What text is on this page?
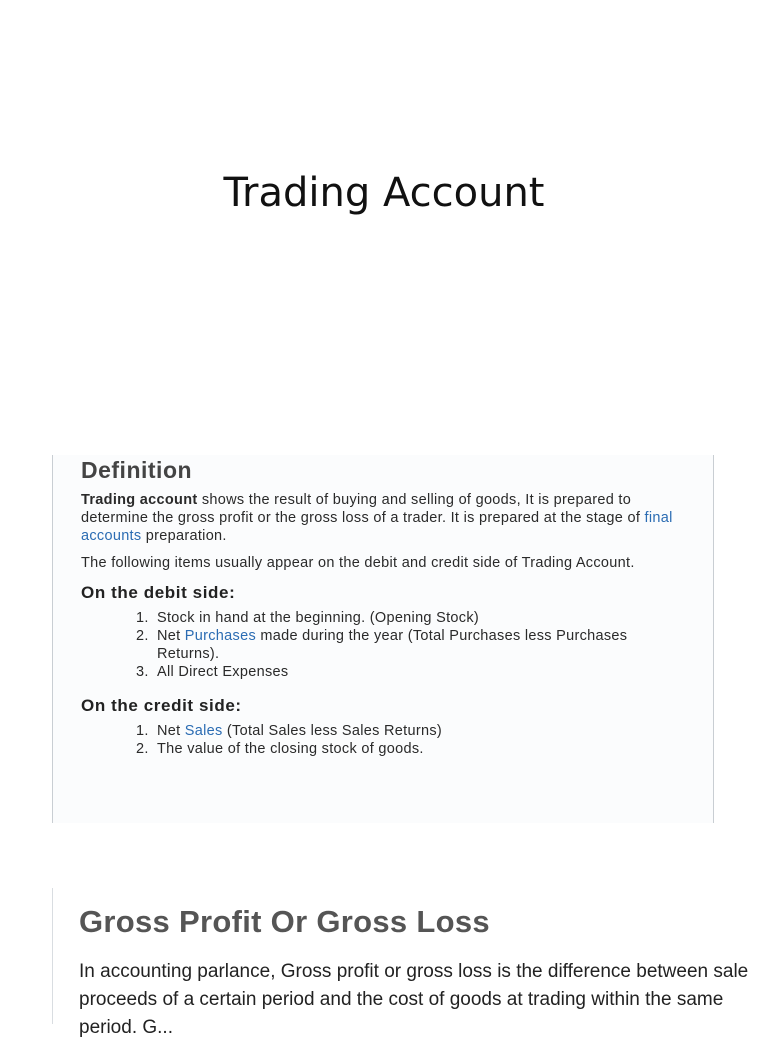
Trading Account
Definition

Trading account shows the result of buying and selling of goods, It is prepared to determine the gross profit or the gross loss of a trader. It is prepared at the stage of final accounts preparation.

The following items usually appear on the debit and credit side of Trading Account.

On the debit side:
1. Stock in hand at the beginning. (Opening Stock)
2. Net Purchases made during the year (Total Purchases less Purchases Returns).
3. All Direct Expenses
On the credit side:
1. Net Sales (Total Sales less Sales Returns)
2. The value of the closing stock of goods.
Gross Profit Or Gross Loss

In accounting parlance, Gross profit or gross loss is the difference between sale proceeds of a certain period and the cost of goods at trading within the same period. G...
